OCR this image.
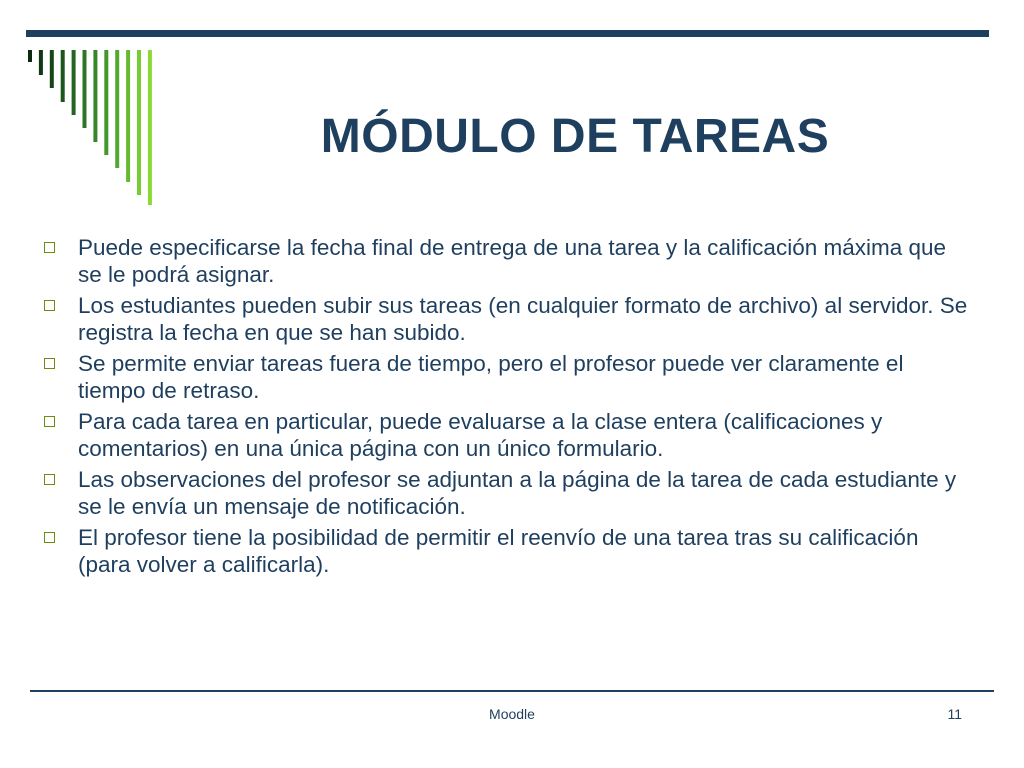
MÓDULO DE TAREAS
Puede especificarse la fecha final de entrega de una tarea y la calificación máxima que se le podrá asignar.
Los estudiantes pueden subir sus tareas (en cualquier formato de archivo) al servidor. Se registra la fecha en que se han subido.
Se permite enviar tareas fuera de tiempo, pero el profesor puede ver claramente el tiempo de retraso.
Para cada tarea en particular, puede evaluarse a la clase entera (calificaciones y comentarios) en una única página con un único formulario.
Las observaciones del profesor se adjuntan a la página de la tarea de cada estudiante y se le envía un mensaje de notificación.
El profesor tiene la posibilidad de permitir el reenvío de una tarea tras su calificación (para volver a calificarla).
Moodle	11
